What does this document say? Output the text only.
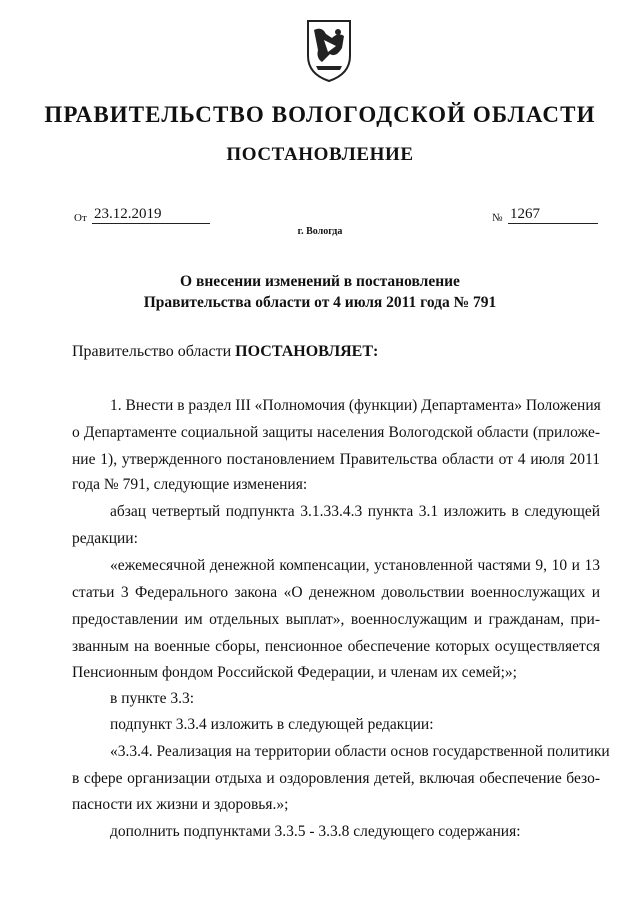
ПРАВИТЕЛЬСТВО ВОЛОГОДСКОЙ ОБЛАСТИ
ПОСТАНОВЛЕНИЕ
От 23.12.2019	№ 1267
г. Вологда
О внесении изменений в постановление
Правительства области от 4 июля 2011 года № 791
Правительство области ПОСТАНОВЛЯЕТ:
1. Внести в раздел III «Полномочия (функции) Департамента» Положения
о Департаменте социальной защиты населения Вологодской области (приложе-
ние 1), утвержденного постановлением Правительства области от 4 июля 2011
года № 791, следующие изменения:
абзац четвертый подпункта 3.1.33.4.3 пункта 3.1 изложить в следующей
редакции:
«ежемесячной денежной компенсации, установленной частями 9, 10 и 13
статьи 3 Федерального закона «О денежном довольствии военнослужащих и
предоставлении им отдельных выплат», военнослужащим и гражданам, при-
званным на военные сборы, пенсионное обеспечение которых осуществляется
Пенсионным фондом Российской Федерации, и членам их семей;»;
в пункте 3.3:
подпункт 3.3.4 изложить в следующей редакции:
«3.3.4. Реализация на территории области основ государственной политики
в сфере организации отдыха и оздоровления детей, включая обеспечение безо-
пасности их жизни и здоровья.»;
дополнить подпунктами 3.3.5 - 3.3.8 следующего содержания:
